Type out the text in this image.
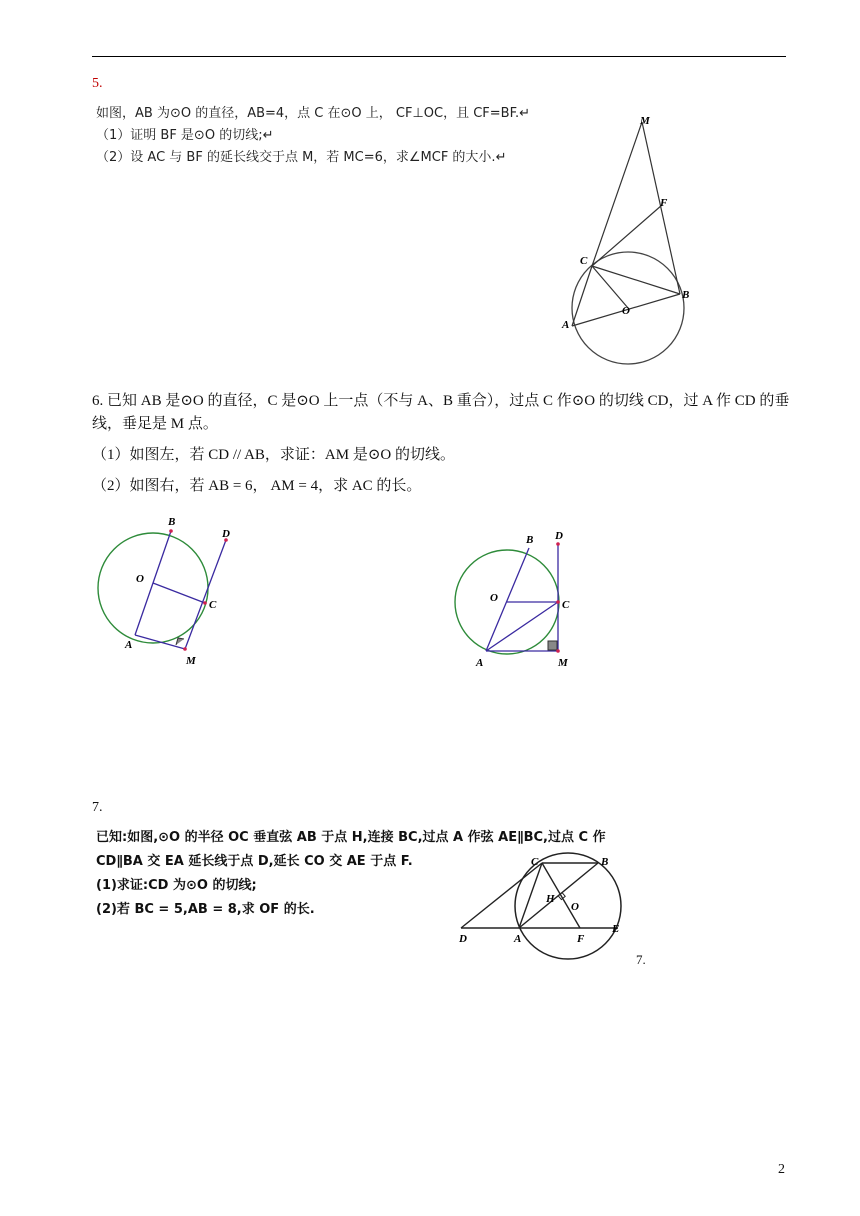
5.
如图，AB 为⊙O 的直径，AB=4，点 C 在⊙O 上， CF⊥OC，且 CF=BF.↵
（1）证明 BF 是⊙O 的切线;↵
（2）设 AC 与 BF 的延长线交于点 M，若 MC=6，求∠MCF 的大小.↵
M
F
C
B
O
A

6. 已知 AB 是⊙O 的直径，C 是⊙O 上一点（不与 A、B 重合），过点 C 作⊙O 的切线 CD，过 A 作 CD 的垂线，垂足是 M 点。

（1）如图左，若 CD // AB，求证：AM 是⊙O 的切线。

（2）如图右，若 AB = 6， AM = 4，求 AC 的长。

B
D
O
C
A
M
B D
O
C
A	M
7.

已知:如图,⊙O 的半径 OC 垂直弦 AB 于点 H,连接 BC,过点 A 作弦 AE∥BC,过点 C 作

CD∥BA 交 EA 延长线于点 D,延长 CO 交 AE 于点 F.

(1)求证:CD 为⊙O 的切线;

(2)若 BC = 5,AB = 8,求 OF 的长.

C	B
H
O
D	A	F
E
7.
2
